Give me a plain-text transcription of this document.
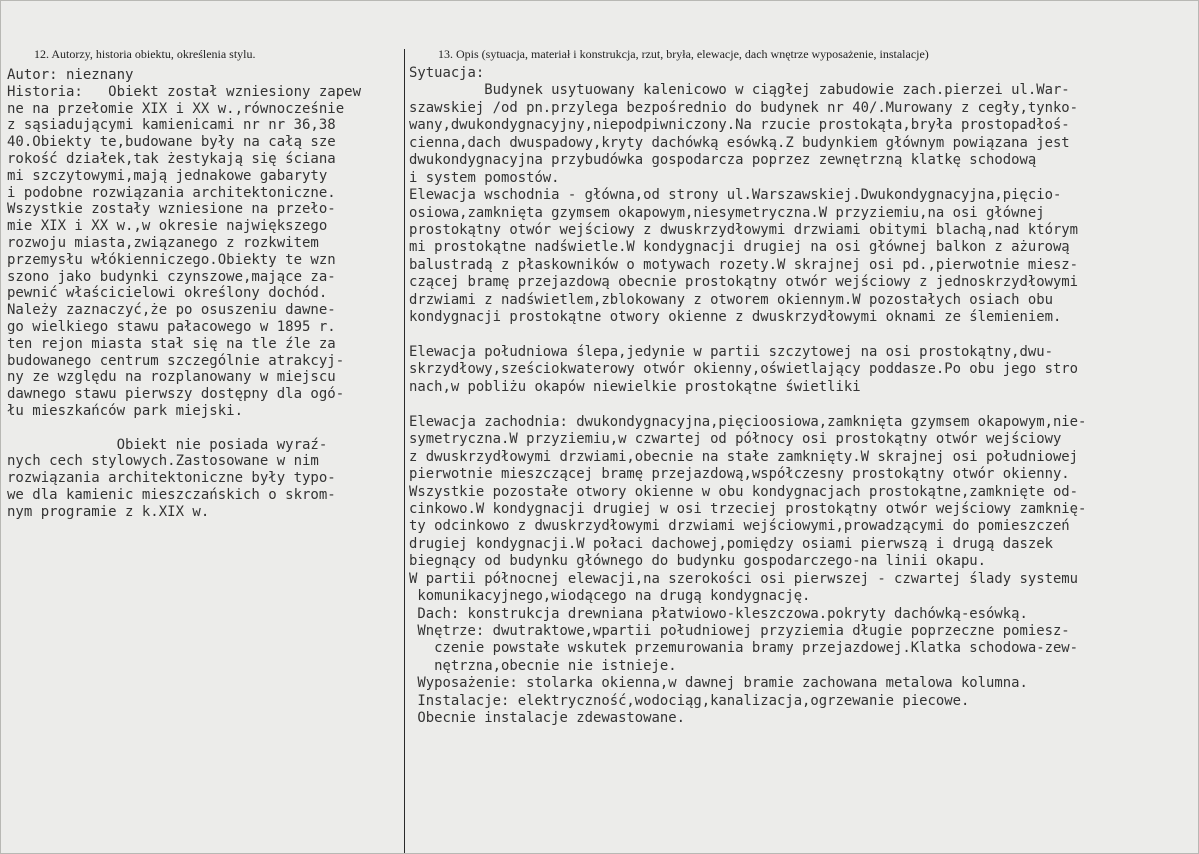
12. Autorzy, historia obiektu, określenia stylu.	13. Opis (sytuacja, materiał i konstrukcja, rzut, bryła, elewacje, dach wnętrze wyposażenie, instalacje)
Autor: nieznany
Historia:   Obiekt został wzniesiony zapew
ne na przełomie XIX i XX w.,równocześnie
z sąsiadującymi kamienicami nr nr 36,38
40.Obiekty te,budowane były na całą sze
rokość działek,tak żestykają się ściana
mi szczytowymi,mają jednakowe gabaryty
i podobne rozwiązania architektoniczne.
Wszystkie zostały wzniesione na przeło-
mie XIX i XX w.,w okresie największego
rozwoju miasta,związanego z rozkwitem
przemysłu włókienniczego.Obiekty te wzn
szono jako budynki czynszowe,mające za-
pewnić właścicielowi określony dochód.
Należy zaznaczyć,że po osuszeniu dawne-
go wielkiego stawu pałacowego w 1895 r.
ten rejon miasta stał się na tle źle za
budowanego centrum szczególnie atrakcyj-
ny ze względu na rozplanowany w miejscu
dawnego stawu pierwszy dostępny dla ogó-
łu mieszkańców park miejski.
Obiekt nie posiada wyraź-
nych cech stylowych.Zastosowane w nim
rozwiązania architektoniczne były typo-
we dla kamienic mieszczańskich o skrom-
nym programie z k.XIX w.
Sytuacja:
Budynek usytuowany kalenicowo w ciągłej zabudowie zach.pierzei ul.War-
szawskiej /od pn.przylega bezpośrednio do budynek nr 40/.Murowany z cegły,tynko-
wany,dwukondygnacyjny,niepodpiwniczony.Na rzucie prostokąta,bryła prostopadłoś-
cienna,dach dwuspadowy,kryty dachówką esówką.Z budynkiem głównym powiązana jest
dwukondygnacyjna przybudówka gospodarcza poprzez zewnętrzną klatkę schodową
i system pomostów.
Elewacja wschodnia - główna,od strony ul.Warszawskiej.Dwukondygnacyjna,pięcio-
osiowa,zamknięta gzymsem okapowym,niesymetryczna.W przyziemiu,na osi głównej
prostokątny otwór wejściowy z dwuskrzydłowymi drzwiami obitymi blachą,nad którym
mi prostokątne nadświetle.W kondygnacji drugiej na osi głównej balkon z ażurową
balustradą z płaskowników o motywach rozety.W skrajnej osi pd.,pierwotnie miesz-
czącej bramę przejazdową obecnie prostokątny otwór wejściowy z jednoskrzydłowymi
drzwiami z nadświetlem,zblokowany z otworem okiennym.W pozostałych osiach obu
kondygnacji prostokątne otwory okienne z dwuskrzydłowymi oknami ze ślemieniem.
Elewacja południowa ślepa,jedynie w partii szczytowej na osi prostokątny,dwu-
skrzydłowy,sześciokwaterowy otwór okienny,oświetlający poddasze.Po obu jego stro
nach,w pobliżu okapów niewielkie prostokątne świetliki
Elewacja zachodnia: dwukondygnacyjna,pięcioosiowa,zamknięta gzymsem okapowym,nie-
symetryczna.W przyziemiu,w czwartej od północy osi prostokątny otwór wejściowy
z dwuskrzydłowymi drzwiami,obecnie na stałe zamknięty.W skrajnej osi południowej
pierwotnie mieszczącej bramę przejazdową,współczesny prostokątny otwór okienny.
Wszystkie pozostałe otwory okienne w obu kondygnacjach prostokątne,zamknięte od-
cinkowo.W kondygnacji drugiej w osi trzeciej prostokątny otwór wejściowy zamknię-
ty odcinkowo z dwuskrzydłowymi drzwiami wejściowymi,prowadzącymi do pomieszczeń
drugiej kondygnacji.W połaci dachowej,pomiędzy osiami pierwszą i drugą daszek
biegnący od budynku głównego do budynku gospodarczego-na linii okapu.
W partii północnej elewacji,na szerokości osi pierwszej - czwartej ślady systemu
komunikacyjnego,wiodącego na drugą kondygnację.
Dach: konstrukcja drewniana płatwiowo-kleszczowa.pokryty dachówką-esówką.
Wnętrze: dwutraktowe,wpartii południowej przyziemia długie poprzeczne pomiesz-
czenie powstałe wskutek przemurowania bramy przejazdowej.Klatka schodowa-zew-
nętrzna,obecnie nie istnieje.
Wyposażenie: stolarka okienna,w dawnej bramie zachowana metalowa kolumna.
Instalacje: elektryczność,wodociąg,kanalizacja,ogrzewanie piecowe.
Obecnie instalacje zdewastowane.
